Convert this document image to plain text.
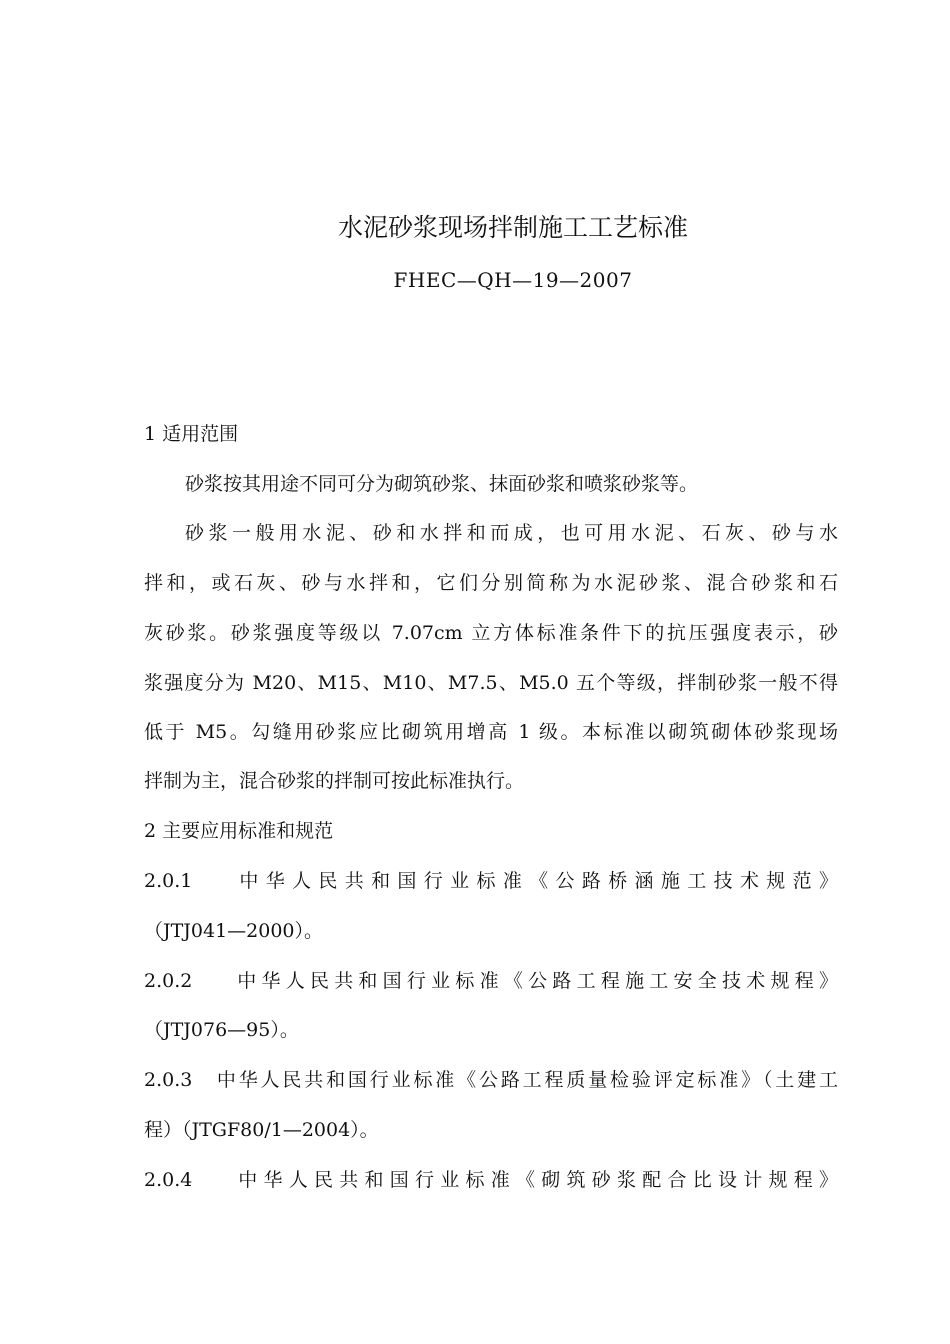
水泥砂浆现场拌制施工工艺标准
FHEC—QH—19—2007
1 适用范围
砂浆按其用途不同可分为砌筑砂浆、抹面砂浆和喷浆砂浆等。
砂浆一般用水泥、砂和水拌和而成，也可用水泥、石灰、砂与水
拌和，或石灰、砂与水拌和，它们分别简称为水泥砂浆、混合砂浆和石
灰砂浆。砂浆强度等级以 7.07cm 立方体标准条件下的抗压强度表示，砂
浆强度分为 M20、M15、M10、M7.5、M5.0 五个等级，拌制砂浆一般不得
低于 M5。勾缝用砂浆应比砌筑用增高 1 级。本标准以砌筑砌体砂浆现场
拌制为主，混合砂浆的拌制可按此标准执行。
2 主要应用标准和规范
2.0.1 中华人民共和国行业标准《公路桥涵施工技术规范》
（JTJ041—2000）。
2.0.2 中华人民共和国行业标准《公路工程施工安全技术规程》
（JTJ076—95）。
2.0.3 中华人民共和国行业标准《公路工程质量检验评定标准》（土建工
程）（JTGF80/1—2004）。
2.0.4 中华人民共和国行业标准《砌筑砂浆配合比设计规程》
